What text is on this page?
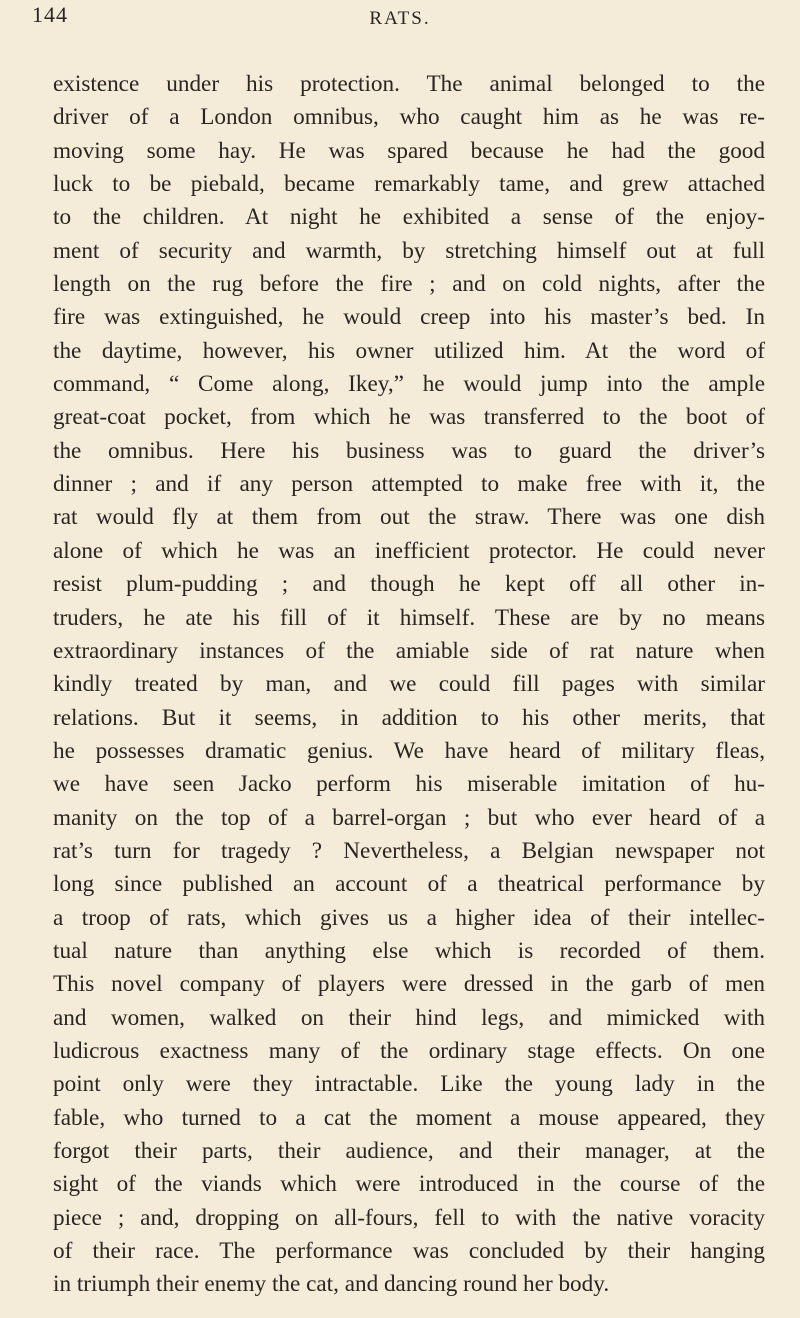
144	RATS.
existence under his protection. The animal belonged to the
driver of a London omnibus, who caught him as he was re-
moving some hay. He was spared because he had the good
luck to be piebald, became remarkably tame, and grew attached
to the children. At night he exhibited a sense of the enjoy-
ment of security and warmth, by stretching himself out at full
length on the rug before the fire ; and on cold nights, after the
fire was extinguished, he would creep into his master’s bed. In
the daytime, however, his owner utilized him. At the word of
command, “ Come along, Ikey,” he would jump into the ample
great-coat pocket, from which he was transferred to the boot of
the omnibus. Here his business was to guard the driver’s
dinner ; and if any person attempted to make free with it, the
rat would fly at them from out the straw. There was one dish
alone of which he was an inefficient protector. He could never
resist plum-pudding ; and though he kept off all other in-
truders, he ate his fill of it himself. These are by no means
extraordinary instances of the amiable side of rat nature when
kindly treated by man, and we could fill pages with similar
relations. But it seems, in addition to his other merits, that
he possesses dramatic genius. We have heard of military fleas,
we have seen Jacko perform his miserable imitation of hu-
manity on the top of a barrel-organ ; but who ever heard of a
rat’s turn for tragedy ? Nevertheless, a Belgian newspaper not
long since published an account of a theatrical performance by
a troop of rats, which gives us a higher idea of their intellec-
tual nature than anything else which is recorded of them.
This novel company of players were dressed in the garb of men
and women, walked on their hind legs, and mimicked with
ludicrous exactness many of the ordinary stage effects. On one
point only were they intractable. Like the young lady in the
fable, who turned to a cat the moment a mouse appeared, they
forgot their parts, their audience, and their manager, at the
sight of the viands which were introduced in the course of the
piece ; and, dropping on all-fours, fell to with the native voracity
of their race. The performance was concluded by their hanging
in triumph their enemy the cat, and dancing round her body.
